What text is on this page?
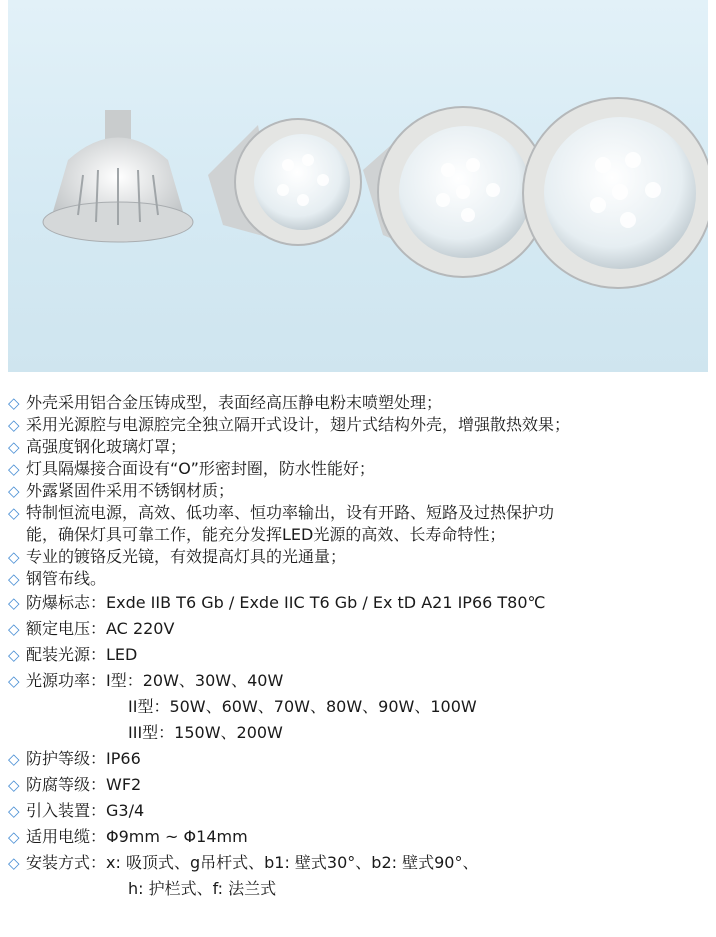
◇ 外壳采用铝合金压铸成型，表面经高压静电粉末喷塑处理；
◇ 采用光源腔与电源腔完全独立隔开式设计，翅片式结构外壳，增强散热效果；
◇ 高强度钢化玻璃灯罩；
◇ 灯具隔爆接合面设有“O”形密封圈，防水性能好；
◇ 外露紧固件采用不锈钢材质；
◇ 特制恒流电源，高效、低功率、恒功率输出，设有开路、短路及过热保护功
能，确保灯具可靠工作，能充分发挥LED光源的高效、长寿命特性；
◇ 专业的镀铬反光镜，有效提高灯具的光通量；
◇ 钢管布线。
◇ 防爆标志：Exde IIB T6 Gb / Exde IIC T6 Gb / Ex tD A21 IP66 T80℃
◇ 额定电压：AC 220V
◇ 配装光源：LED
◇ 光源功率：I型：20W、30W、40W
II型：50W、60W、70W、80W、90W、100W
III型：150W、200W
◇ 防护等级：IP66
◇ 防腐等级：WF2
◇ 引入装置：G3/4
◇ 适用电缆：Φ9mm ~ Φ14mm
◇ 安装方式：x: 吸顶式、g吊杆式、b1: 壁式30°、b2: 壁式90°、
h: 护栏式、f: 法兰式
